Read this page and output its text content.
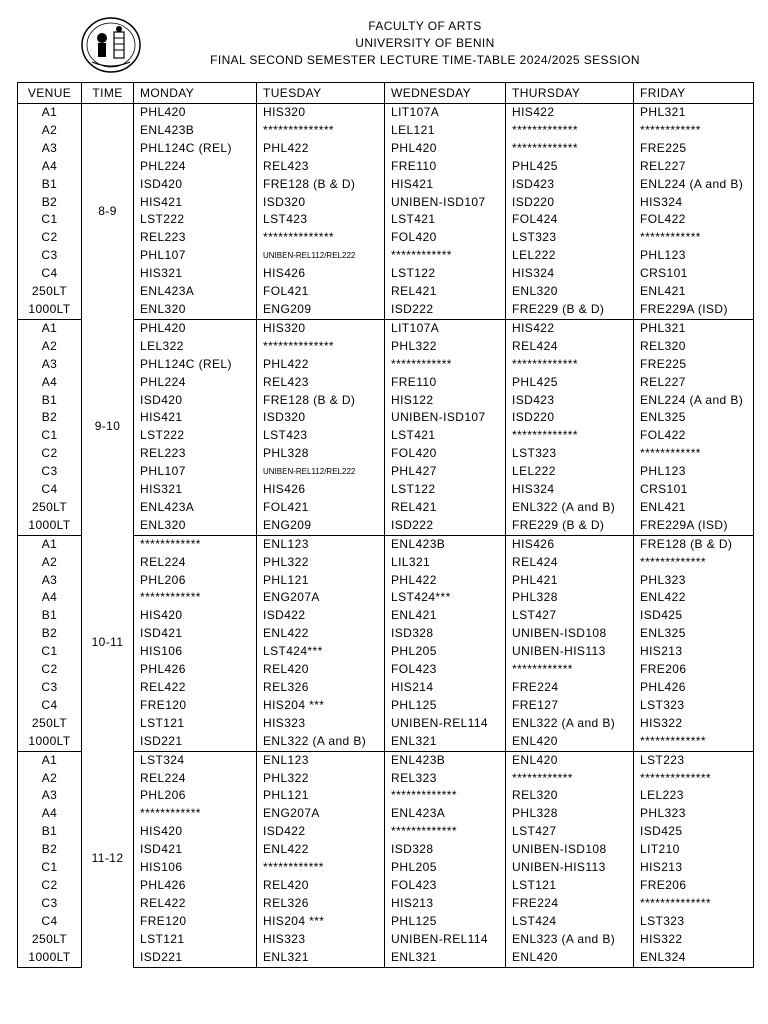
FACULTY OF ARTS
UNIVERSITY OF BENIN
FINAL SECOND SEMESTER LECTURE TIME-TABLE 2024/2025 SESSION
VENUE	TIME	MONDAY	TUESDAY	WEDNESDAY	THURSDAY	FRIDAY
A1	8-9	PHL420	HIS320	LIT107A	HIS422	PHL321
A2		ENL423B	**************	LEL121	*************	************
A3		PHL124C (REL)	PHL422	PHL420	*************	FRE225
A4		PHL224	REL423	FRE110	PHL425	REL227
B1		ISD420	FRE128 (B & D)	HIS421	ISD423	ENL224 (A and B)
B2		HIS421	ISD320	UNIBEN-ISD107	ISD220	HIS324
C1		LST222	LST423	LST421	FOL424	FOL422
C2		REL223	**************	FOL420	LST323	************
C3		PHL107	UNIBEN-REL112/REL222	************	LEL222	PHL123
C4		HIS321	HIS426	LST122	HIS324	CRS101
250LT		ENL423A	FOL421	REL421	ENL320	ENL421
1000LT		ENL320	ENG209	ISD222	FRE229 (B & D)	FRE229A (ISD)
A1	9-10	PHL420	HIS320	LIT107A	HIS422	PHL321
A2		LEL322	**************	PHL322	REL424	REL320
A3		PHL124C (REL)	PHL422	************	*************	FRE225
A4		PHL224	REL423	FRE110	PHL425	REL227
B1		ISD420	FRE128 (B & D)	HIS122	ISD423	ENL224 (A and B)
B2		HIS421	ISD320	UNIBEN-ISD107	ISD220	ENL325
C1		LST222	LST423	LST421	*************	FOL422
C2		REL223	PHL328	FOL420	LST323	************
C3		PHL107	UNIBEN-REL112/REL222	PHL427	LEL222	PHL123
C4		HIS321	HIS426	LST122	HIS324	CRS101
250LT		ENL423A	FOL421	REL421	ENL322 (A and B)	ENL421
1000LT		ENL320	ENG209	ISD222	FRE229 (B & D)	FRE229A (ISD)
A1	10-11	************	ENL123	ENL423B	HIS426	FRE128 (B & D)
A2		REL224	PHL322	LIL321	REL424	*************
A3		PHL206	PHL121	PHL422	PHL421	PHL323
A4		************	ENG207A	LST424***	PHL328	ENL422
B1		HIS420	ISD422	ENL421	LST427	ISD425
B2		ISD421	ENL422	ISD328	UNIBEN-ISD108	ENL325
C1		HIS106	LST424***	PHL205	UNIBEN-HIS113	HIS213
C2		PHL426	REL420	FOL423	************	FRE206
C3		REL422	REL326	HIS214	FRE224	PHL426
C4		FRE120	HIS204 ***	PHL125	FRE127	LST323
250LT		LST121	HIS323	UNIBEN-REL114	ENL322 (A and B)	HIS322
1000LT		ISD221	ENL322 (A and B)	ENL321	ENL420	*************
A1	11-12	LST324	ENL123	ENL423B	ENL420	LST223
A2		REL224	PHL322	REL323	************	**************
A3		PHL206	PHL121	*************	REL320	LEL223
A4		************	ENG207A	ENL423A	PHL328	PHL323
B1		HIS420	ISD422	*************	LST427	ISD425
B2		ISD421	ENL422	ISD328	UNIBEN-ISD108	LIT210
C1		HIS106	************	PHL205	UNIBEN-HIS113	HIS213
C2		PHL426	REL420	FOL423	LST121	FRE206
C3		REL422	REL326	HIS213	FRE224	**************
C4		FRE120	HIS204 ***	PHL125	LST424	LST323
250LT		LST121	HIS323	UNIBEN-REL114	ENL323 (A and B)	HIS322
1000LT		ISD221	ENL321	ENL321	ENL420	ENL324
